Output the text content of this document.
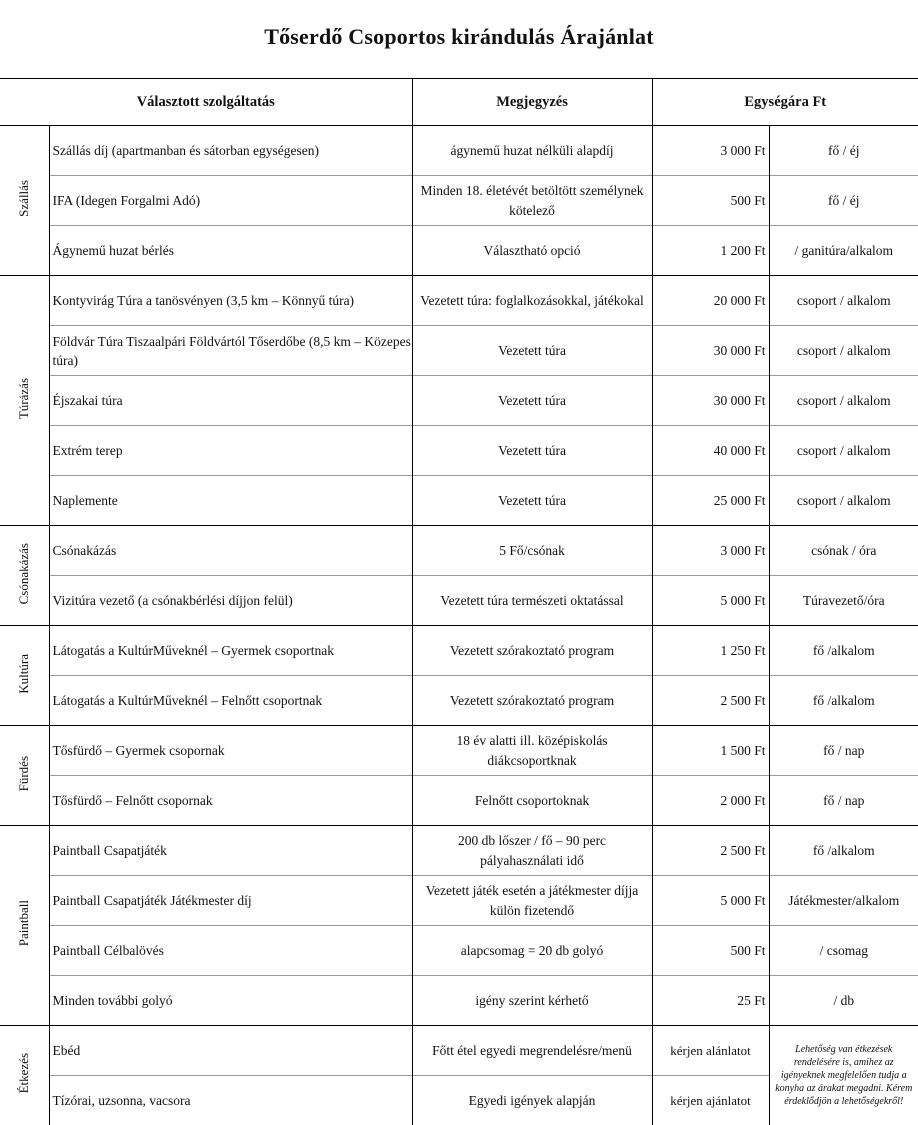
Tőserdő Csoportos kirándulás Árajánlat
Választott szolgáltatás		Megjegyzés	Egységára Ft	
Szállás	Szállás díj (apartmanban és sátorban egységesen)	ágynemű huzat nélküli alapdíj	3 000 Ft	fő / éj
	IFA (Idegen Forgalmi Adó)	Minden 18. életévét betöltött személynek kötelező	500 Ft	fő / éj
	Ágynemű huzat bérlés	Választható opció	1 200 Ft	/ ganitúra/alkalom
Túrázás	Kontyvirág Túra a tanösvényen (3,5 km – Könnyű túra)	Vezetett túra: foglalkozásokkal, játékokal	20 000 Ft	csoport / alkalom
	Földvár Túra Tiszaalpári Földvártól Tőserdőbe (8,5 km – Közepes túra)	Vezetett túra	30 000 Ft	csoport / alkalom
	Éjszakai túra	Vezetett túra	30 000 Ft	csoport / alkalom
	Extrém terep	Vezetett túra	40 000 Ft	csoport / alkalom
	Naplemente	Vezetett túra	25 000 Ft	csoport / alkalom
Csónakázás	Csónakázás	5 Fő/csónak	3 000 Ft	csónak / óra
	Vizitúra vezető (a csónakbérlési díjjon felül)	Vezetett túra természeti oktatással	5 000 Ft	Túravezető/óra
Kultúra	Látogatás a KultúrMűveknél – Gyermek csoportnak	Vezetett szórakoztató program	1 250 Ft	fő /alkalom
	Látogatás a KultúrMűveknél – Felnőtt csoportnak	Vezetett szórakoztató program	2 500 Ft	fő /alkalom
Fürdés	Tősfürdő – Gyermek csopornak	18 év alatti ill. középiskolás diákcsoportknak	1 500 Ft	fő / nap
	Tősfürdő – Felnőtt csopornak	Felnőtt csoportoknak	2 000 Ft	fő / nap
Paintball	Paintball Csapatjáték	200 db lőszer / fő – 90 perc pályahasználati idő	2 500 Ft	fő /alkalom
	Paintball Csapatjáték Játékmester díj	Vezetett játék esetén a játékmester díjja külön fizetendő	5 000 Ft	Játékmester/alkalom
	Paintball Célbalövés	alapcsomag = 20 db golyó	500 Ft	/ csomag
	Minden további golyó	igény szerint kérhető	25 Ft	/ db
Étkezés	Ebéd	Főtt étel egyedi megrendelésre/menü	kérjen alánlatot	Lehetőség van étkezések rendelésére is, amihez az igényeknek megfelelően tudja a konyha az árakat megadni. Kérem érdeklődjön a lehetőségekről!
	Tízórai, uzsonna, vacsora	Egyedi igények alapján	kérjen ajánlatot	
